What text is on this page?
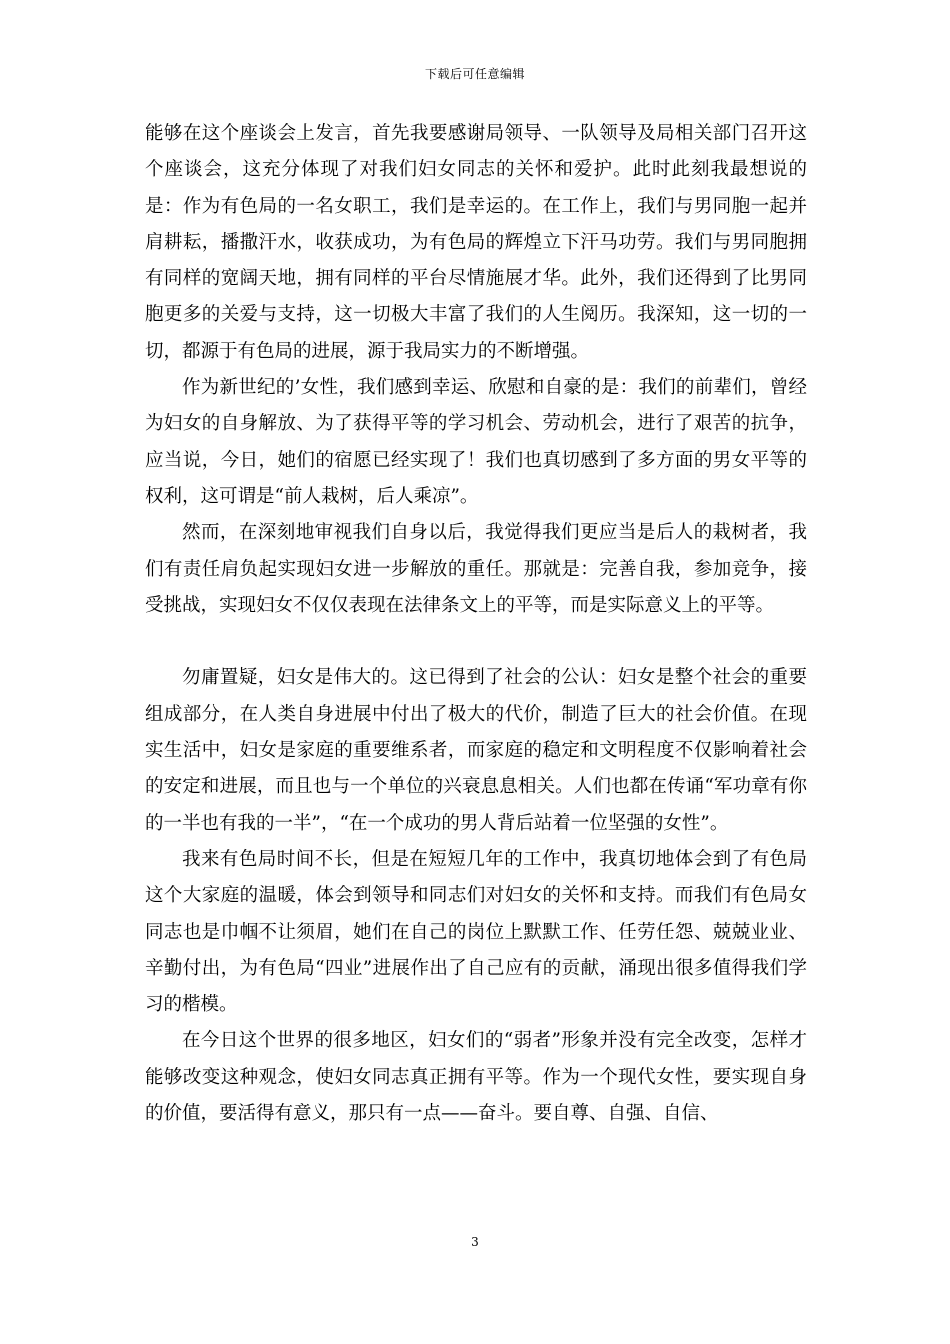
下载后可任意编辑

能够在这个座谈会上发言，首先我要感谢局领导、一队领导及局相关部门召开这个座谈会，这充分体现了对我们妇女同志的关怀和爱护。此时此刻我最想说的是：作为有色局的一名女职工，我们是幸运的。在工作上，我们与男同胞一起并肩耕耘，播撒汗水，收获成功，为有色局的辉煌立下汗马功劳。我们与男同胞拥有同样的宽阔天地，拥有同样的平台尽情施展才华。此外，我们还得到了比男同胞更多的关爱与支持，这一切极大丰富了我们的人生阅历。我深知，这一切的一切，都源于有色局的进展，源于我局实力的不断增强。

作为新世纪的’女性，我们感到幸运、欣慰和自豪的是：我们的前辈们，曾经为妇女的自身解放、为了获得平等的学习机会、劳动机会，进行了艰苦的抗争，应当说，今日，她们的宿愿已经实现了！我们也真切感到了多方面的男女平等的权利，这可谓是“前人栽树，后人乘凉”。

然而，在深刻地审视我们自身以后，我觉得我们更应当是后人的栽树者，我们有责任肩负起实现妇女进一步解放的重任。那就是：完善自我，参加竞争，接受挑战，实现妇女不仅仅表现在法律条文上的平等，而是实际意义上的平等。

勿庸置疑，妇女是伟大的。这已得到了社会的公认：妇女是整个社会的重要组成部分，在人类自身进展中付出了极大的代价，制造了巨大的社会价值。在现实生活中，妇女是家庭的重要维系者，而家庭的稳定和文明程度不仅影响着社会的安定和进展，而且也与一个单位的兴衰息息相关。人们也都在传诵“军功章有你的一半也有我的一半”，“在一个成功的男人背后站着一位坚强的女性”。

我来有色局时间不长，但是在短短几年的工作中，我真切地体会到了有色局这个大家庭的温暖，体会到领导和同志们对妇女的关怀和支持。而我们有色局女同志也是巾帼不让须眉，她们在自己的岗位上默默工作、任劳任怨、兢兢业业、辛勤付出，为有色局“四业”进展作出了自己应有的贡献，涌现出很多值得我们学习的楷模。

在今日这个世界的很多地区，妇女们的“弱者”形象并没有完全改变，怎样才能够改变这种观念，使妇女同志真正拥有平等。作为一个现代女性，要实现自身的价值，要活得有意义，那只有一点——奋斗。要自尊、自强、自信、

3
